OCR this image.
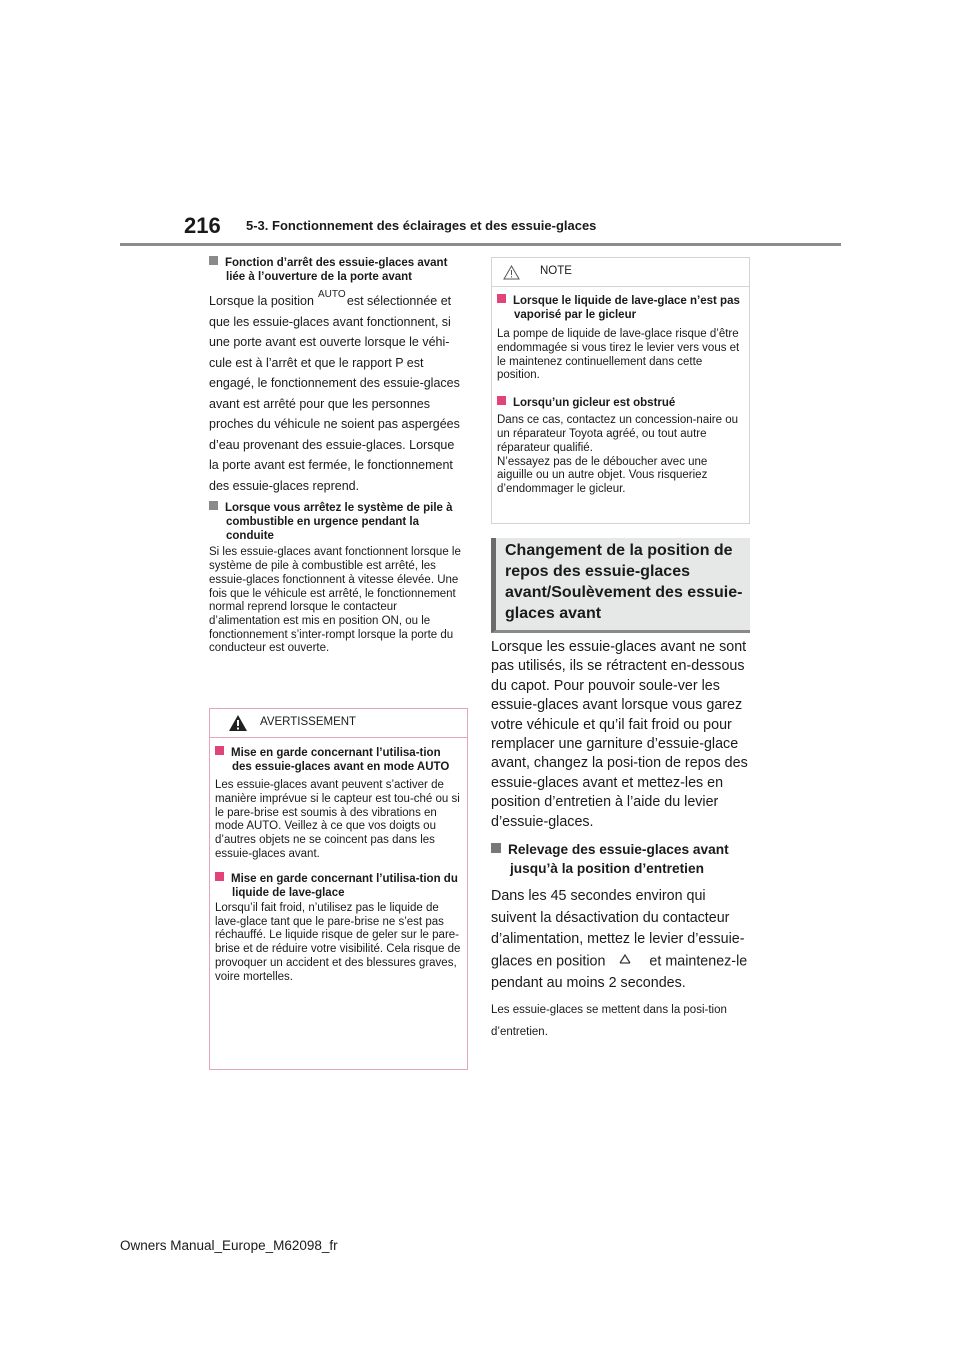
216 5-3. Fonctionnement des éclairages et des essuie-glaces

Fonction d’arrêt des essuie-glaces avant liée à l’ouverture de la porte avant

Lorsque la position AUTO est sélectionnée et que les essuie-glaces avant fonctionnent, si une porte avant est ouverte lorsque le véhi-cule est à l’arrêt et que le rapport P est engagé, le fonctionnement des essuie-glaces avant est arrêté pour que les personnes proches du véhicule ne soient pas aspergées d’eau provenant des essuie-glaces. Lorsque la porte avant est fermée, le fonctionnement des essuie-glaces reprend.

Lorsque vous arrêtez le système de pile à combustible en urgence pendant la conduite

Si les essuie-glaces avant fonctionnent lorsque le système de pile à combustible est arrêté, les essuie-glaces fonctionnent à vitesse élevée. Une fois que le véhicule est arrêté, le fonctionnement normal reprend lorsque le contacteur d’alimentation est mis en position ON, ou le fonctionnement s’inter-rompt lorsque la porte du conducteur est ouverte.

AVERTISSEMENT

Mise en garde concernant l’utilisa-tion des essuie-glaces avant en mode AUTO

Les essuie-glaces avant peuvent s’activer de manière imprévue si le capteur est tou-ché ou si le pare-brise est soumis à des vibrations en mode AUTO. Veillez à ce que vos doigts ou d’autres objets ne se coincent pas dans les essuie-glaces avant.

Mise en garde concernant l’utilisa-tion du liquide de lave-glace

Lorsqu’il fait froid, n’utilisez pas le liquide de lave-glace tant que le pare-brise ne s’est pas réchauffé. Le liquide risque de geler sur le pare-brise et de réduire votre visibilité. Cela risque de provoquer un accident et des blessures graves, voire mortelles.

NOTE

Lorsque le liquide de lave-glace n’est pas vaporisé par le gicleur

La pompe de liquide de lave-glace risque d’être endommagée si vous tirez le levier vers vous et le maintenez continuellement dans cette position.

Lorsqu’un gicleur est obstrué

Dans ce cas, contactez un concession-naire ou un réparateur Toyota agréé, ou tout autre réparateur qualifié.

N’essayez pas de le déboucher avec une aiguille ou un autre objet. Vous risqueriez d’endommager le gicleur.

Changement de la position de repos des essuie-glaces avant/Soulèvement des essuie-glaces avant

Lorsque les essuie-glaces avant ne sont pas utilisés, ils se rétractent en-dessous du capot. Pour pouvoir soule-ver les essuie-glaces avant lorsque vous garez votre véhicule et qu’il fait froid ou pour remplacer une garniture d’essuie-glace avant, changez la posi-tion de repos des essuie-glaces avant et mettez-les en position d’entretien à l’aide du levier d’essuie-glaces.

Relevage des essuie-glaces avant jusqu’à la position d’entretien

Dans les 45 secondes environ qui suivent la désactivation du contacteur d’alimentation, mettez le levier d’essuie-glaces en position	et maintenez-le pendant au moins 2 secondes.

Les essuie-glaces se mettent dans la posi-tion d’entretien.

Owners Manual_Europe_M62098_fr
